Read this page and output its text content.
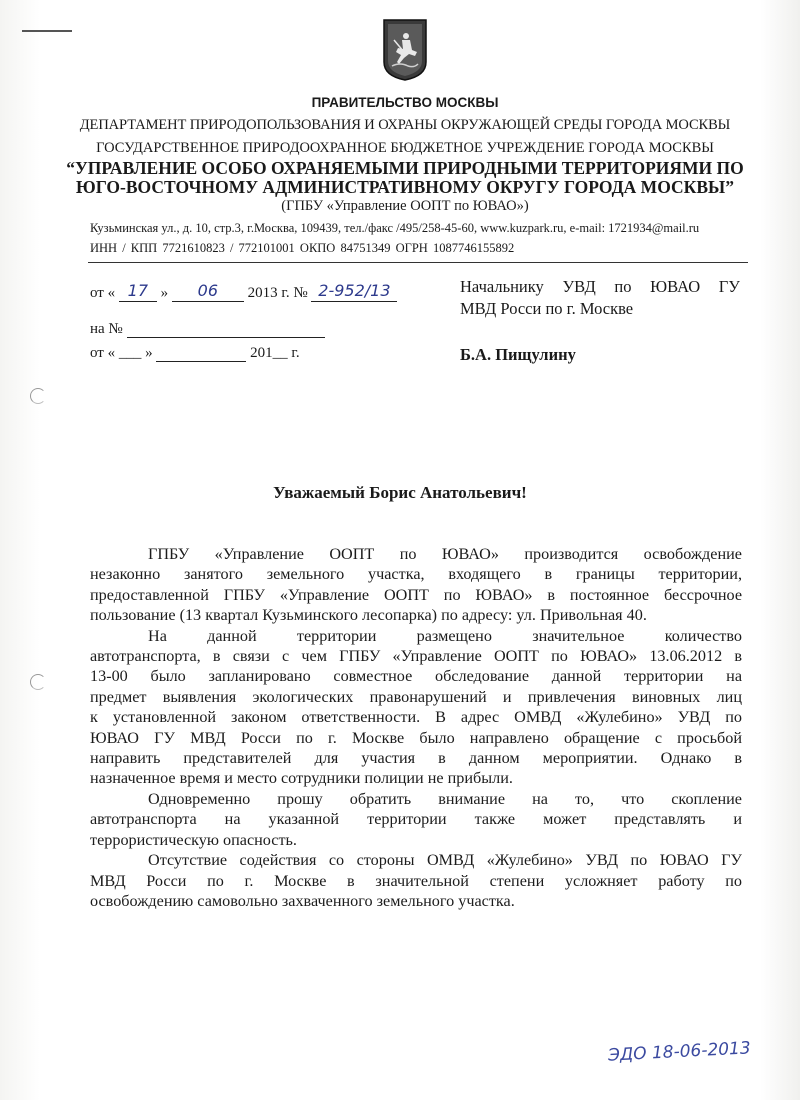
ПРАВИТЕЛЬСТВО МОСКВЫ
ДЕПАРТАМЕНТ ПРИРОДОПОЛЬЗОВАНИЯ И ОХРАНЫ ОКРУЖАЮЩЕЙ СРЕДЫ ГОРОДА МОСКВЫ
ГОСУДАРСТВЕННОЕ ПРИРОДООХРАННОЕ БЮДЖЕТНОЕ УЧРЕЖДЕНИЕ ГОРОДА МОСКВЫ
“УПРАВЛЕНИЕ ОСОБО ОХРАНЯЕМЫМИ ПРИРОДНЫМИ ТЕРРИТОРИЯМИ ПО
ЮГО-ВОСТОЧНОМУ АДМИНИСТРАТИВНОМУ ОКРУГУ ГОРОДА МОСКВЫ”
(ГПБУ «Управление ООПТ по ЮВАО»)
Кузьминская ул., д. 10, стр.3, г.Москва, 109439, тел./факс /495/258-45-60, www.kuzpark.ru, e-mail: 1721934@mail.ru
ИНН / КПП 7721610823 / 772101001 ОКПО 84751349 ОГРН 1087746155892
от « 17 »	06	2013 г. № 2-952/13
на №
от « ___ »	201__ г.
Начальнику УВД по ЮВАО ГУ
МВД Росси по г. Москве
Б.А. Пищулину
Уважаемый Борис Анатольевич!
ГПБУ «Управление ООПТ по ЮВАО» производится освобождение
незаконно занятого земельного участка, входящего в границы территории,
предоставленной ГПБУ «Управление ООПТ по ЮВАО» в постоянное бессрочное
пользование (13 квартал Кузьминского лесопарка) по адресу: ул. Привольная 40.
На данной территории размещено значительное количество
автотранспорта, в связи с чем ГПБУ «Управление ООПТ по ЮВАО» 13.06.2012 в
13-00 было запланировано совместное обследование данной территории на
предмет выявления экологических правонарушений и привлечения виновных лиц
к установленной законом ответственности. В адрес ОМВД «Жулебино» УВД по
ЮВАО ГУ МВД Росси по г. Москве было направлено обращение с просьбой
направить представителей для участия в данном мероприятии. Однако в
назначенное время и место сотрудники полиции не прибыли.
Одновременно прошу обратить внимание на то, что скопление
автотранспорта на указанной территории также может представлять и
террористическую опасность.
Отсутствие содействия со стороны ОМВД «Жулебино» УВД по ЮВАО ГУ
МВД Росси по г. Москве в значительной степени усложняет работу по
освобождению самовольно захваченного земельного участка.
ЭДО 18-06-2013
